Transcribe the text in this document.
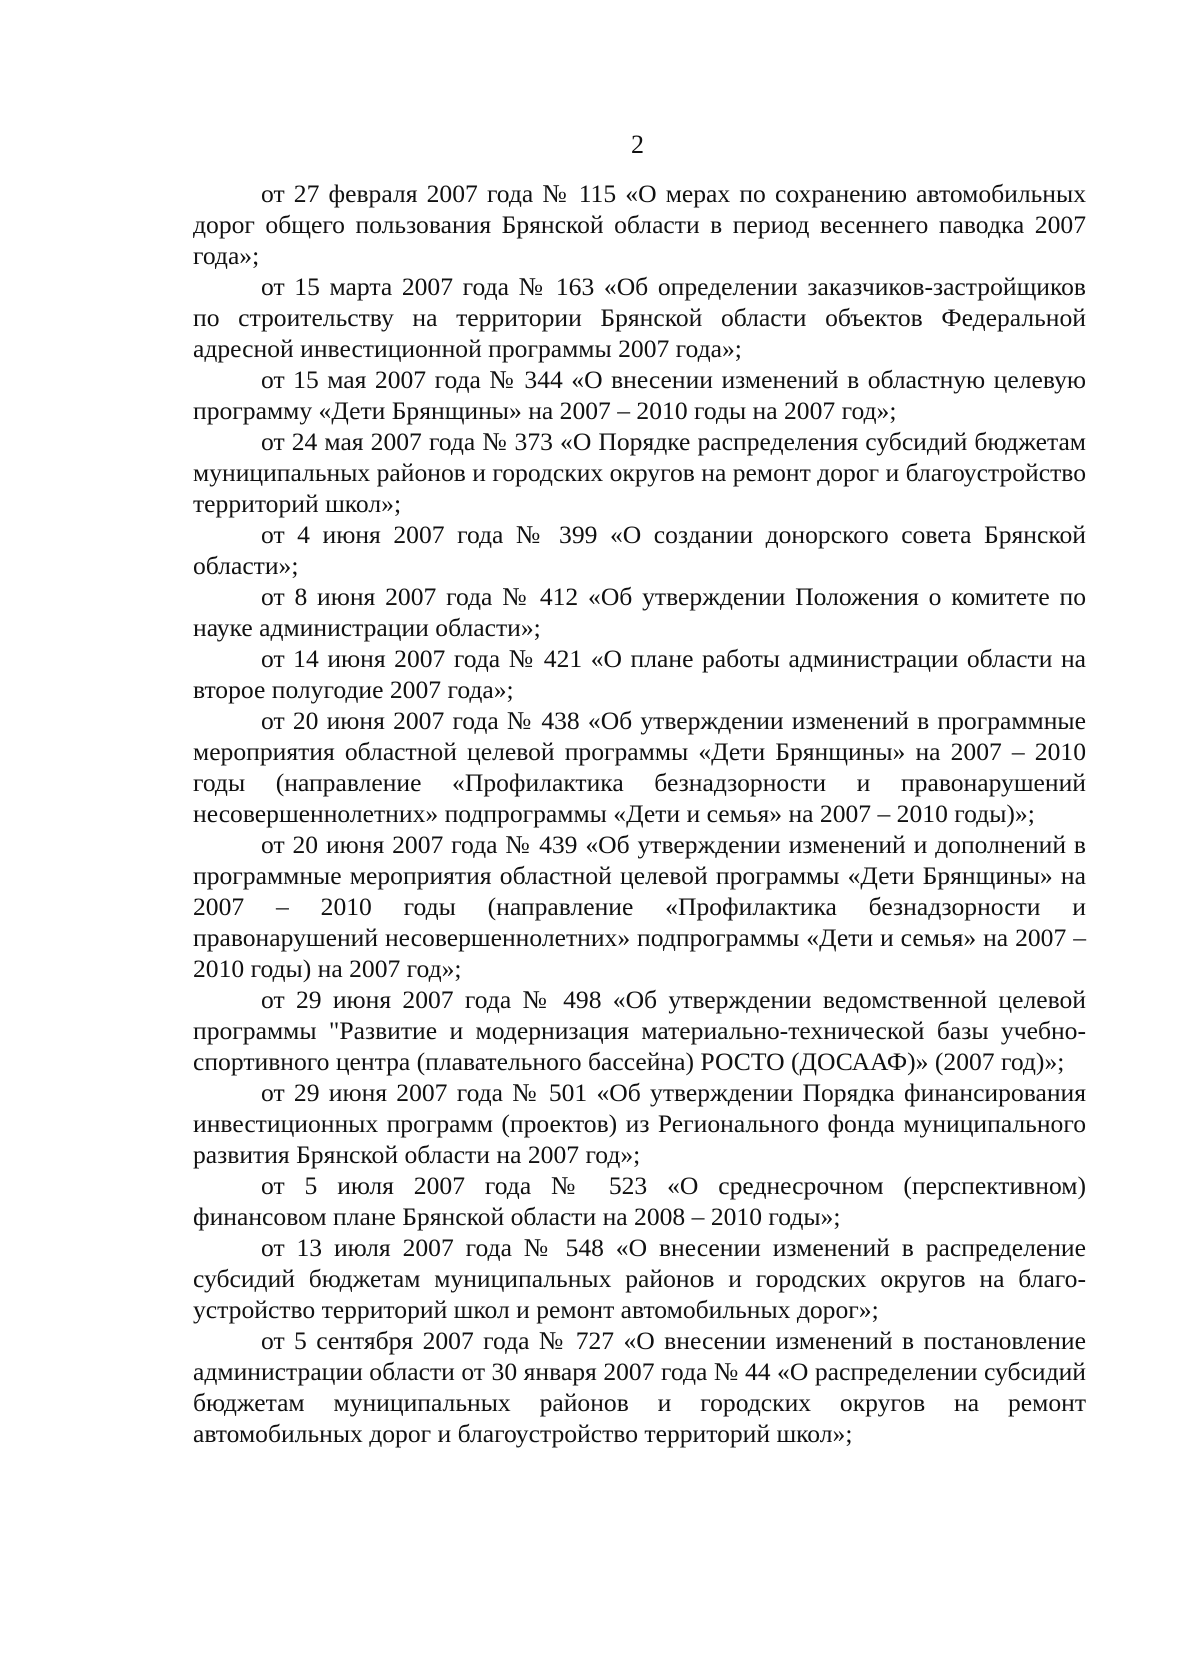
2

от 27 февраля 2007 года № 115 «О мерах по сохранению автомобильных дорог общего пользования Брянской области в период весеннего паводка 2007 года»;

от 15 марта 2007 года № 163 «Об определении заказчиков-застройщиков по строительству на территории Брянской области объектов Федеральной адресной инвестиционной программы 2007 года»;

от 15 мая 2007 года № 344 «О внесении изменений в областную целевую программу «Дети Брянщины» на 2007 – 2010 годы на 2007 год»;

от 24 мая 2007 года № 373 «О Порядке распределения субсидий бюджетам муниципальных районов и городских округов на ремонт дорог и благоустройство территорий школ»;

от 4 июня 2007 года № 399 «О создании донорского совета Брянской области»;

от 8 июня 2007 года № 412 «Об утверждении Положения о комитете по науке администрации области»;

от 14 июня 2007 года № 421 «О плане работы администрации области на второе полугодие 2007 года»;

от 20 июня 2007 года № 438 «Об утверждении изменений в программные мероприятия областной целевой программы «Дети Брянщины» на 2007 – 2010 годы (направление «Профилактика безнадзорности и правонарушений несовершеннолетних» подпрограммы «Дети и семья» на 2007 – 2010 годы)»;

от 20 июня 2007 года № 439 «Об утверждении изменений и дополнений в программные мероприятия областной целевой программы «Дети Брянщины» на 2007 – 2010 годы (направление «Профилактика безнадзорности и правонарушений несовершеннолетних» подпрограммы «Дети и семья» на 2007 – 2010 годы) на 2007 год»;

от 29 июня 2007 года № 498 «Об утверждении ведомственной целевой программы "Развитие и модернизация материально-технической базы учебно-спортивного центра (плавательного бассейна) РОСТО (ДОСААФ)» (2007 год)»;

от 29 июня 2007 года № 501 «Об утверждении Порядка финансирования инвестиционных программ (проектов) из Регионального фонда муниципального развития Брянской области на 2007 год»;

от 5 июля 2007 года № 523 «О среднесрочном (перспективном) финансовом плане Брянской области на 2008 – 2010 годы»;

от 13 июля 2007 года № 548 «О внесении изменений в распределение субсидий бюджетам муниципальных районов и городских округов на благоустройство территорий школ и ремонт автомобильных дорог»;

от 5 сентября 2007 года № 727 «О внесении изменений в постановление администрации области от 30 января 2007 года № 44 «О распределении субсидий бюджетам муниципальных районов и городских округов на ремонт автомобильных дорог и благоустройство территорий школ»;
